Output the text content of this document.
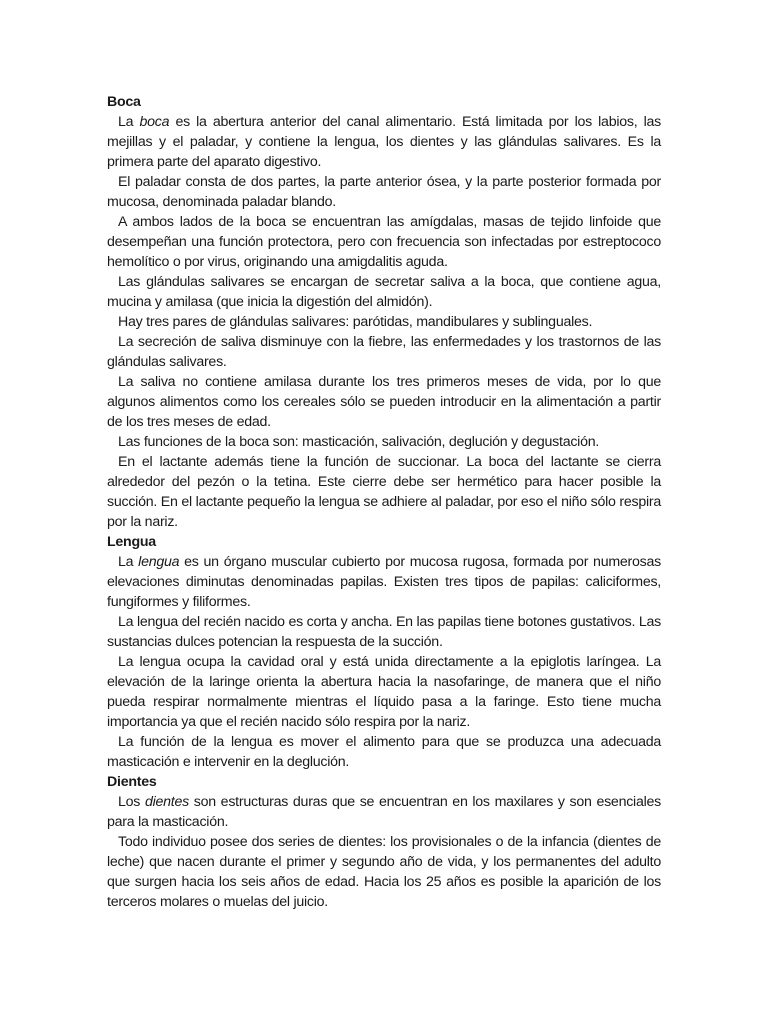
Boca

La boca es la abertura anterior del canal alimentario. Está limitada por los labios, las mejillas y el paladar, y contiene la lengua, los dientes y las glándulas salivares. Es la primera parte del aparato digestivo.

El paladar consta de dos partes, la parte anterior ósea, y la parte posterior formada por mucosa, denominada paladar blando.

A ambos lados de la boca se encuentran las amígdalas, masas de tejido linfoide que desempeñan una función protectora, pero con frecuencia son infectadas por estreptococo hemolítico o por virus, originando una amigdalitis aguda.

Las glándulas salivares se encargan de secretar saliva a la boca, que contiene agua, mucina y amilasa (que inicia la digestión del almidón).

Hay tres pares de glándulas salivares: parótidas, mandibulares y sublinguales.

La secreción de saliva disminuye con la fiebre, las enfermedades y los trastornos de las glándulas salivares.

La saliva no contiene amilasa durante los tres primeros meses de vida, por lo que algunos alimentos como los cereales sólo se pueden introducir en la alimentación a partir de los tres meses de edad.

Las funciones de la boca son: masticación, salivación, deglución y degustación.

En el lactante además tiene la función de succionar. La boca del lactante se cierra alrededor del pezón o la tetina. Este cierre debe ser hermético para hacer posible la succión. En el lactante pequeño la lengua se adhiere al paladar, por eso el niño sólo respira por la nariz.

Lengua

La lengua es un órgano muscular cubierto por mucosa rugosa, formada por numerosas elevaciones diminutas denominadas papilas. Existen tres tipos de papilas: caliciformes, fungiformes y filiformes.

La lengua del recién nacido es corta y ancha. En las papilas tiene botones gustativos. Las sustancias dulces potencian la respuesta de la succión.

La lengua ocupa la cavidad oral y está unida directamente a la epiglotis laríngea. La elevación de la laringe orienta la abertura hacia la nasofaringe, de manera que el niño pueda respirar normalmente mientras el líquido pasa a la faringe. Esto tiene mucha importancia ya que el recién nacido sólo respira por la nariz.

La función de la lengua es mover el alimento para que se produzca una adecuada masticación e intervenir en la deglución.

Dientes

Los dientes son estructuras duras que se encuentran en los maxilares y son esenciales para la masticación.

Todo individuo posee dos series de dientes: los provisionales o de la infancia (dientes de leche) que nacen durante el primer y segundo año de vida, y los permanentes del adulto que surgen hacia los seis años de edad. Hacia los 25 años es posible la aparición de los terceros molares o muelas del juicio.
